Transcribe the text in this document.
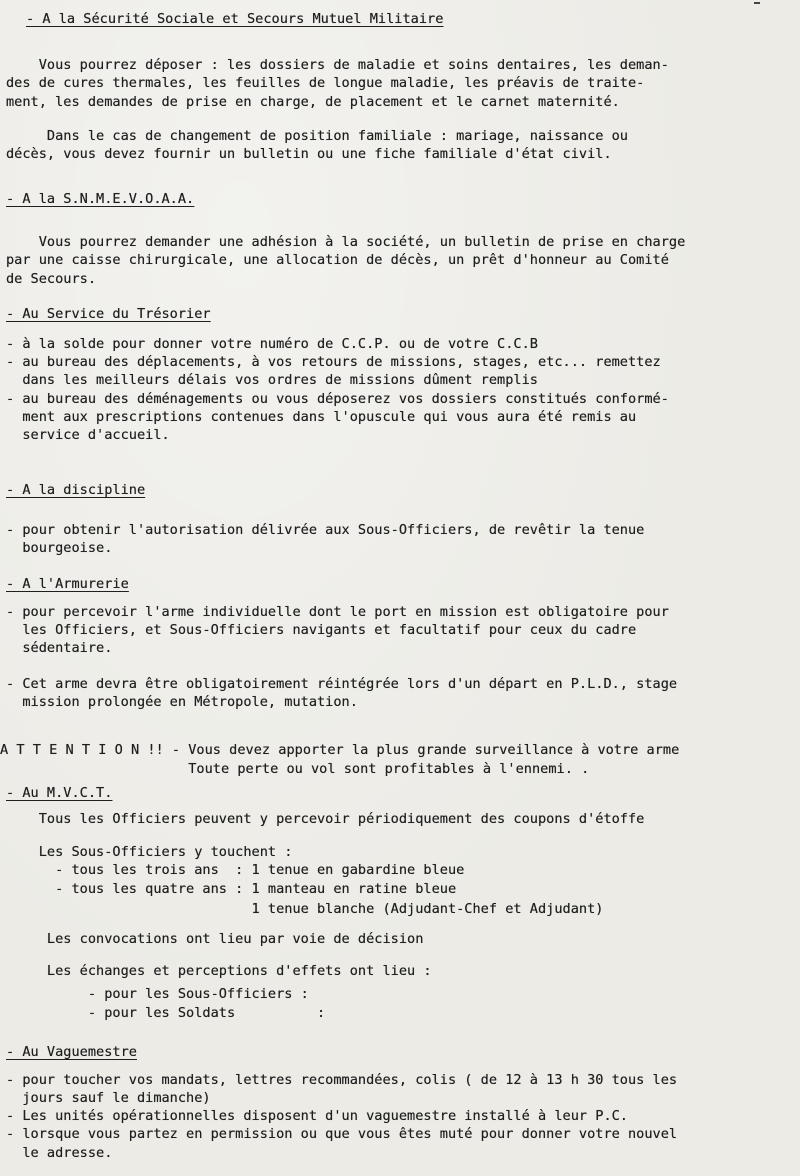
- A la Sécurité Sociale et Secours Mutuel Militaire
Vous pourrez déposer : les dossiers de maladie et soins dentaires, les deman-
des de cures thermales, les feuilles de longue maladie, les préavis de traite-
ment, les demandes de prise en charge, de placement et le carnet maternité.
Dans le cas de changement de position familiale : mariage, naissance ou
décès, vous devez fournir un bulletin ou une fiche familiale d'état civil.
- A la S.N.M.E.V.O.A.A.
Vous pourrez demander une adhésion à la société, un bulletin de prise en charge
par une caisse chirurgicale, une allocation de décès, un prêt d'honneur au Comité
de Secours.
- Au Service du Trésorier
- à la solde pour donner votre numéro de C.C.P. ou de votre C.C.B
- au bureau des déplacements, à vos retours de missions, stages, etc... remettez
dans les meilleurs délais vos ordres de missions dûment remplis
- au bureau des déménagements ou vous déposerez vos dossiers constitués conformé-
ment aux prescriptions contenues dans l'opuscule qui vous aura été remis au
service d'accueil.
- A la discipline
- pour obtenir l'autorisation délivrée aux Sous-Officiers, de revêtir la tenue
bourgeoise.
- A l'Armurerie
- pour percevoir l'arme individuelle dont le port en mission est obligatoire pour
les Officiers, et Sous-Officiers navigants et facultatif pour ceux du cadre
sédentaire.
- Cet arme devra être obligatoirement réintégrée lors d'un départ en P.L.D., stage
mission prolongée en Métropole, mutation.
A T T E N T I O N !! - Vous devez apporter la plus grande surveillance à votre arme
Toute perte ou vol sont profitables à l'ennemi. .
- Au M.V.C.T.
Tous les Officiers peuvent y percevoir périodiquement des coupons d'étoffe
Les Sous-Officiers y touchent :
- tous les trois ans  : 1 tenue en gabardine bleue
- tous les quatre ans : 1 manteau en ratine bleue
1 tenue blanche (Adjudant-Chef et Adjudant)
Les convocations ont lieu par voie de décision
Les échanges et perceptions d'effets ont lieu :
- pour les Sous-Officiers :
- pour les Soldats          :
- Au Vaguemestre
- pour toucher vos mandats, lettres recommandées, colis ( de 12 à 13 h 30 tous les
jours sauf le dimanche)
- Les unités opérationnelles disposent d'un vaguemestre installé à leur P.C.
- lorsque vous partez en permission ou que vous êtes muté pour donner votre nouvel
le adresse.
